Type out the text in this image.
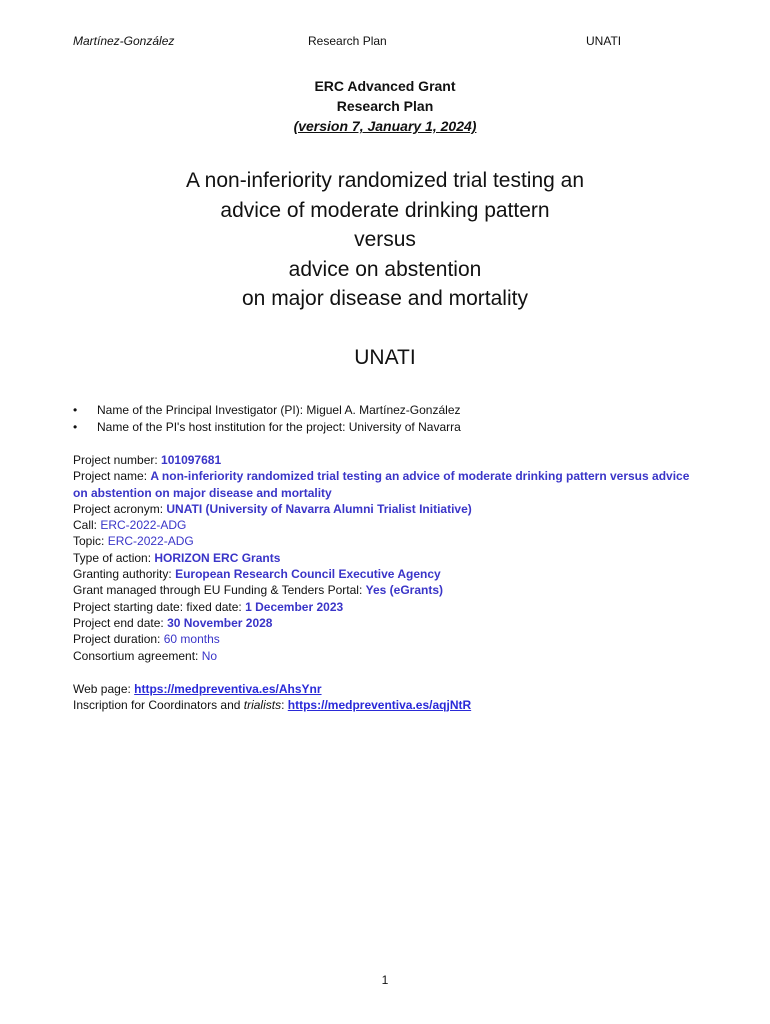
Martínez-González	Research Plan	UNATI
ERC Advanced Grant
Research Plan
(version 7, January 1, 2024)
A non-inferiority randomized trial testing an
advice of moderate drinking pattern
versus
advice on abstention
on major disease and mortality
UNATI
• Name of the Principal Investigator (PI): Miguel A. Martínez-González
• Name of the PI's host institution for the project: University of Navarra

Project number: 101097681

Project name: A non-inferiority randomized trial testing an advice of moderate drinking pattern versus advice on abstention on major disease and mortality

Project acronym: UNATI (University of Navarra Alumni Trialist Initiative)

Call: ERC-2022-ADG

Topic: ERC-2022-ADG

Type of action: HORIZON ERC Grants

Granting authority: European Research Council Executive Agency

Grant managed through EU Funding & Tenders Portal: Yes (eGrants)

Project starting date: fixed date: 1 December 2023

Project end date: 30 November 2028

Project duration: 60 months

Consortium agreement: No

Web page: https://medpreventiva.es/AhsYnr

Inscription for Coordinators and trialists: https://medpreventiva.es/aqjNtR

1
